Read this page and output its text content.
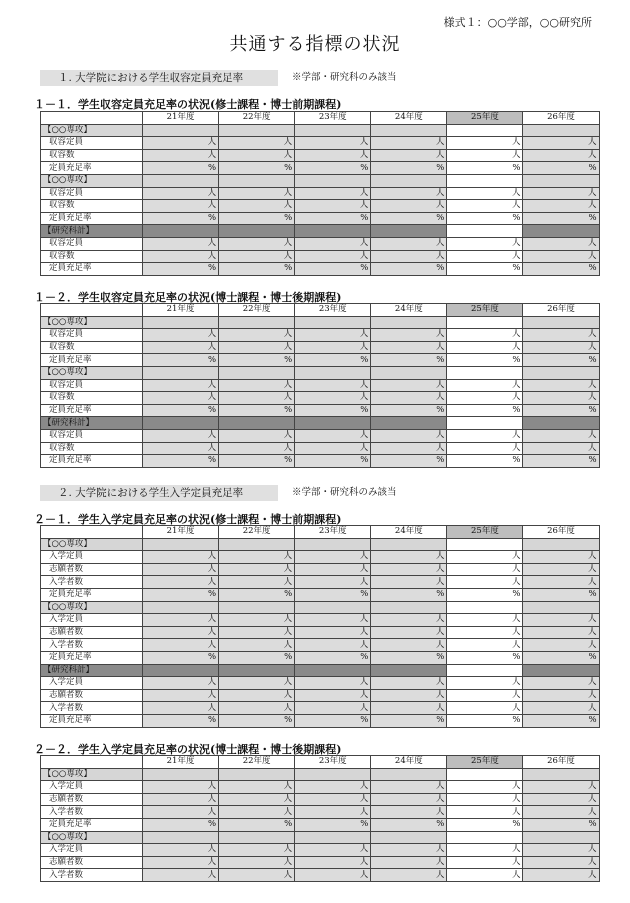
様式１：○○学部，○○研究所
共通する指標の状況
１. 大学院における学生収容定員充足率	※学部・研究科のみ該当
１－１．学生収容定員充足率の状況(修士課程・博士前期課程)
	21年度	22年度	23年度	24年度	25年度	26年度
【○○専攻】						
収容定員	人	人	人	人	人	人
収容数	人	人	人	人	人	人
定員充足率	%	%	%	%	%	%
【○○専攻】						
収容定員	人	人	人	人	人	人
収容数	人	人	人	人	人	人
定員充足率	%	%	%	%	%	%
【研究科計】						
収容定員	人	人	人	人	人	人
収容数	人	人	人	人	人	人
定員充足率	%	%	%	%	%	%
１－２．学生収容定員充足率の状況(博士課程・博士後期課程)
	21年度	22年度	23年度	24年度	25年度	26年度
【○○専攻】						
収容定員	人	人	人	人	人	人
収容数	人	人	人	人	人	人
定員充足率	%	%	%	%	%	%
【○○専攻】						
収容定員	人	人	人	人	人	人
収容数	人	人	人	人	人	人
定員充足率	%	%	%	%	%	%
【研究科計】						
収容定員	人	人	人	人	人	人
収容数	人	人	人	人	人	人
定員充足率	%	%	%	%	%	%
２. 大学院における学生入学定員充足率	※学部・研究科のみ該当
２－１．学生入学定員充足率の状況(修士課程・博士前期課程)
	21年度	22年度	23年度	24年度	25年度	26年度
【○○専攻】						
入学定員	人	人	人	人	人	人
志願者数	人	人	人	人	人	人
入学者数	人	人	人	人	人	人
定員充足率	%	%	%	%	%	%
【○○専攻】						
入学定員	人	人	人	人	人	人
志願者数	人	人	人	人	人	人
入学者数	人	人	人	人	人	人
定員充足率	%	%	%	%	%	%
【研究科計】						
入学定員	人	人	人	人	人	人
志願者数	人	人	人	人	人	人
入学者数	人	人	人	人	人	人
定員充足率	%	%	%	%	%	%
２－２．学生入学定員充足率の状況(博士課程・博士後期課程)
	21年度	22年度	23年度	24年度	25年度	26年度
【○○専攻】						
入学定員	人	人	人	人	人	人
志願者数	人	人	人	人	人	人
入学者数	人	人	人	人	人	人
定員充足率	%	%	%	%	%	%
【○○専攻】						
入学定員	人	人	人	人	人	人
志願者数	人	人	人	人	人	人
入学者数	人	人	人	人	人	人
